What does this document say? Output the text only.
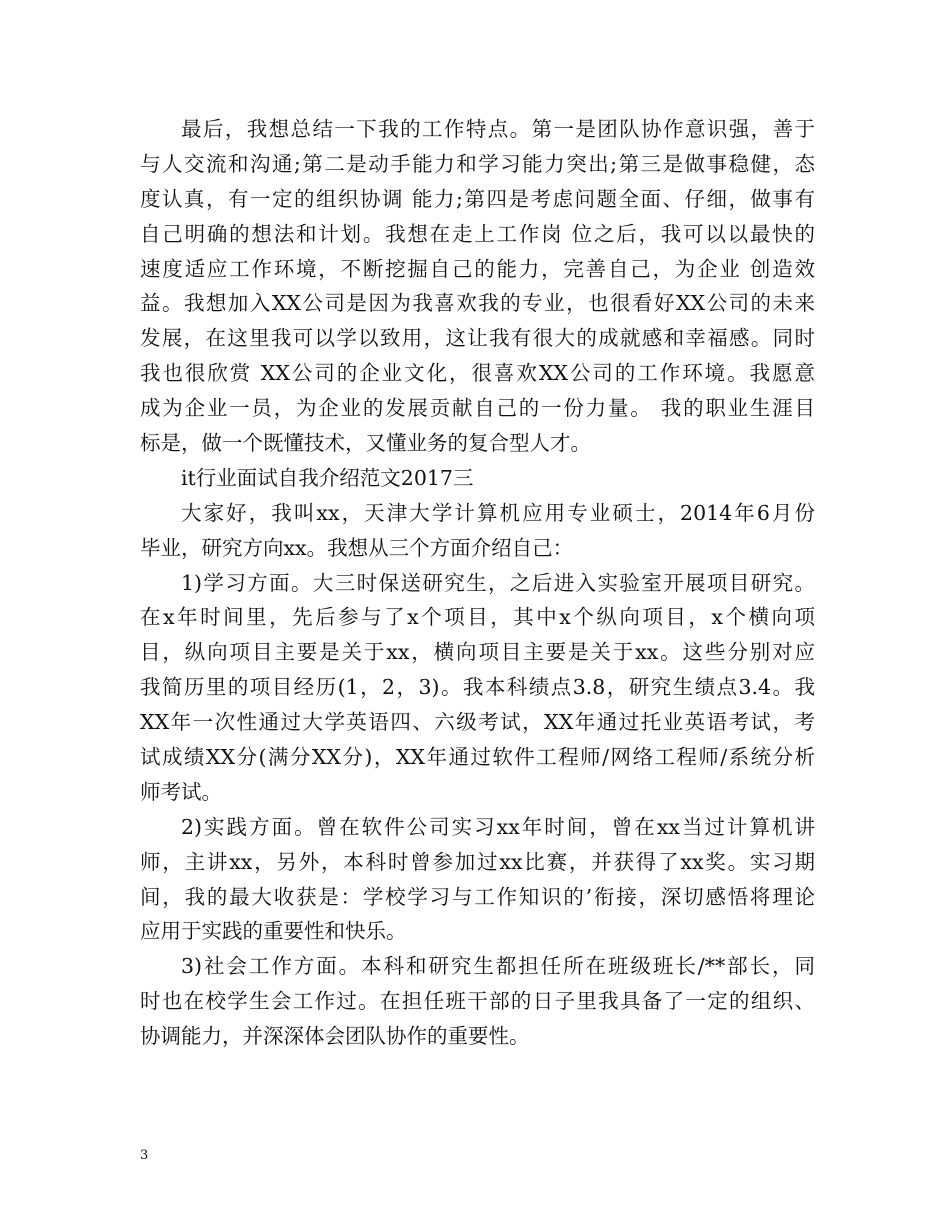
最后，我想总结一下我的工作特点。第一是团队协作意识强，善于
与人交流和沟通;第二是动手能力和学习能力突出;第三是做事稳健，态
度认真，有一定的组织协调 能力;第四是考虑问题全面、仔细，做事有
自己明确的想法和计划。我想在走上工作岗 位之后，我可以以最快的
速度适应工作环境，不断挖掘自己的能力，完善自己，为企业 创造效
益。我想加入XX公司是因为我喜欢我的专业，也很看好XX公司的未来
发展，在这里我可以学以致用，这让我有很大的成就感和幸福感。同时
我也很欣赏 XX公司的企业文化，很喜欢XX公司的工作环境。我愿意
成为企业一员，为企业的发展贡献自己的一份力量。 我的职业生涯目
标是，做一个既懂技术，又懂业务的复合型人才。
it行业面试自我介绍范文2017三
大家好，我叫xx，天津大学计算机应用专业硕士，2014年6月份
毕业，研究方向xx。我想从三个方面介绍自己：
1)学习方面。大三时保送研究生，之后进入实验室开展项目研究。
在x年时间里，先后参与了x个项目，其中x个纵向项目，x个横向项
目，纵向项目主要是关于xx，横向项目主要是关于xx。这些分别对应
我简历里的项目经历(1，2，3)。我本科绩点3.8，研究生绩点3.4。我
XX年一次性通过大学英语四、六级考试，XX年通过托业英语考试，考
试成绩XX分(满分XX分)，XX年通过软件工程师/网络工程师/系统分析
师考试。
2)实践方面。曾在软件公司实习xx年时间，曾在xx当过计算机讲
师，主讲xx，另外，本科时曾参加过xx比赛，并获得了xx奖。实习期
间，我的最大收获是：学校学习与工作知识的’衔接，深切感悟将理论
应用于实践的重要性和快乐。
3)社会工作方面。本科和研究生都担任所在班级班长/**部长，同
时也在校学生会工作过。在担任班干部的日子里我具备了一定的组织、
协调能力，并深深体会团队协作的重要性。
3
